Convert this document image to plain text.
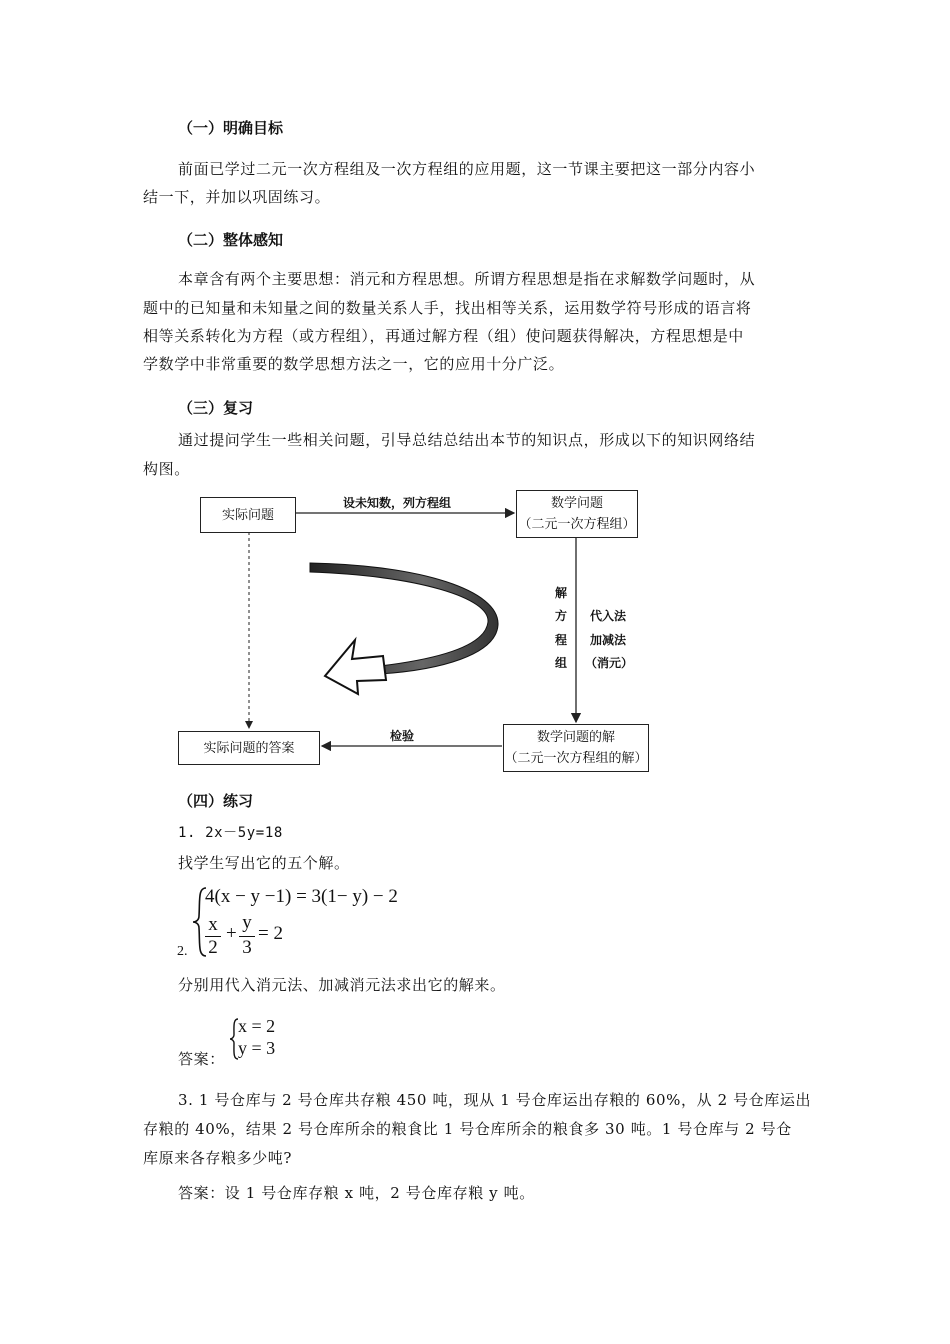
（一）明确目标
前面已学过二元一次方程组及一次方程组的应用题，这一节课主要把这一部分内容小
结一下，并加以巩固练习。
（二）整体感知
本章含有两个主要思想：消元和方程思想。所谓方程思想是指在求解数学问题时，从
题中的已知量和未知量之间的数量关系人手，找出相等关系，运用数学符号形成的语言将
相等关系转化为方程（或方程组），再通过解方程（组）使问题获得解决，方程思想是中
学数学中非常重要的数学思想方法之一，它的应用十分广泛。
（三）复习
通过提问学生一些相关问题，引导总结总结出本节的知识点，形成以下的知识网络结
构图。
实际问题
数学问题
（二元一次方程组）
数学问题的解
（二元一次方程组的解）
实际问题的答案
设未知数，列方程组
检验
解
方
程
组
代入法
加减法
（消元）
（四）练习
1. 2x－5y=18
找学生写出它的五个解。
4(x − y −1) = 3(1− y) − 2
x
2
+
y
3
= 2
2.
分别用代入消元法、加减消元法求出它的解来。
答案：
x = 2
y = 3
3. 1 号仓库与 2 号仓库共存粮 450 吨，现从 1 号仓库运出存粮的 60%，从 2 号仓库运出
存粮的 40%，结果 2 号仓库所余的粮食比 1 号仓库所余的粮食多 30 吨。1 号仓库与 2 号仓
库原来各存粮多少吨?
答案：设 1 号仓库存粮 x 吨，2 号仓库存粮 y 吨。
